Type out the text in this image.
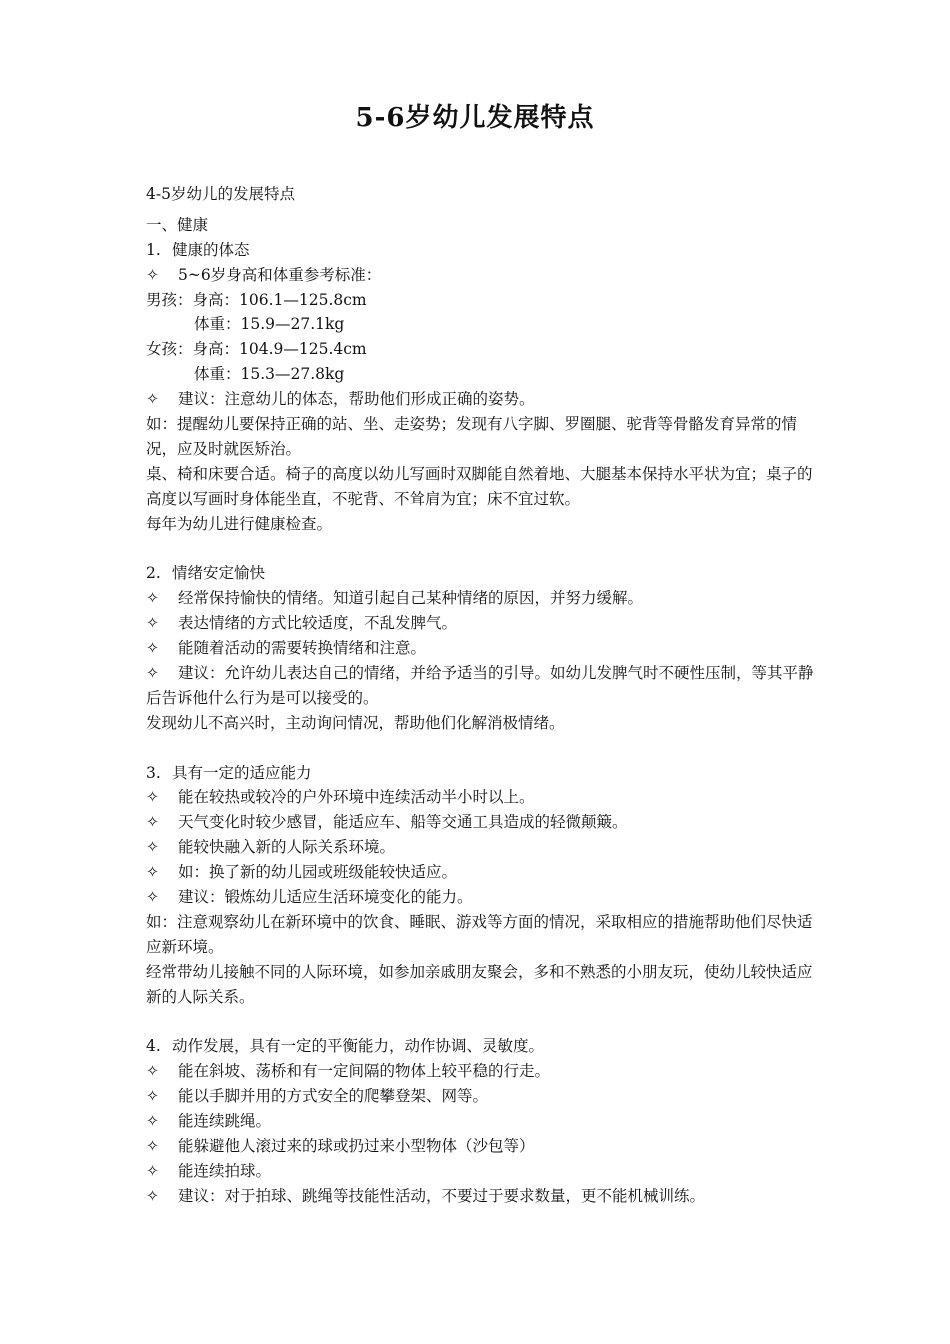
5-6岁幼儿发展特点
4-5岁幼儿的发展特点
一、健康
1. 健康的体态
✧ 5~6岁身高和体重参考标准：
男孩：身高：106.1—125.8cm
体重：15.9—27.1kg
女孩：身高：104.9—125.4cm
体重：15.3—27.8kg
✧ 建议：注意幼儿的体态，帮助他们形成正确的姿势。
如：提醒幼儿要保持正确的站、坐、走姿势；发现有八字脚、罗圈腿、驼背等骨骼发育异常的情况，应及时就医矫治。
桌、椅和床要合适。椅子的高度以幼儿写画时双脚能自然着地、大腿基本保持水平状为宜；桌子的高度以写画时身体能坐直，不驼背、不耸肩为宜；床不宜过软。
每年为幼儿进行健康检查。
2. 情绪安定愉快
✧ 经常保持愉快的情绪。知道引起自己某种情绪的原因，并努力缓解。
✧ 表达情绪的方式比较适度，不乱发脾气。
✧ 能随着活动的需要转换情绪和注意。
✧ 建议：允许幼儿表达自己的情绪，并给予适当的引导。如幼儿发脾气时不硬性压制，等其平静后告诉他什么行为是可以接受的。
发现幼儿不高兴时，主动询问情况，帮助他们化解消极情绪。
3. 具有一定的适应能力
✧ 能在较热或较冷的户外环境中连续活动半小时以上。
✧ 天气变化时较少感冒，能适应车、船等交通工具造成的轻微颠簸。
✧ 能较快融入新的人际关系环境。
✧ 如：换了新的幼儿园或班级能较快适应。
✧ 建议：锻炼幼儿适应生活环境变化的能力。
如：注意观察幼儿在新环境中的饮食、睡眠、游戏等方面的情况，采取相应的措施帮助他们尽快适应新环境。
经常带幼儿接触不同的人际环境，如参加亲戚朋友聚会，多和不熟悉的小朋友玩，使幼儿较快适应新的人际关系。
4. 动作发展，具有一定的平衡能力，动作协调、灵敏度。
✧ 能在斜坡、荡桥和有一定间隔的物体上较平稳的行走。
✧ 能以手脚并用的方式安全的爬攀登架、网等。
✧ 能连续跳绳。
✧ 能躲避他人滚过来的球或扔过来小型物体（沙包等）
✧ 能连续拍球。
✧ 建议：对于拍球、跳绳等技能性活动，不要过于要求数量，更不能机械训练。
